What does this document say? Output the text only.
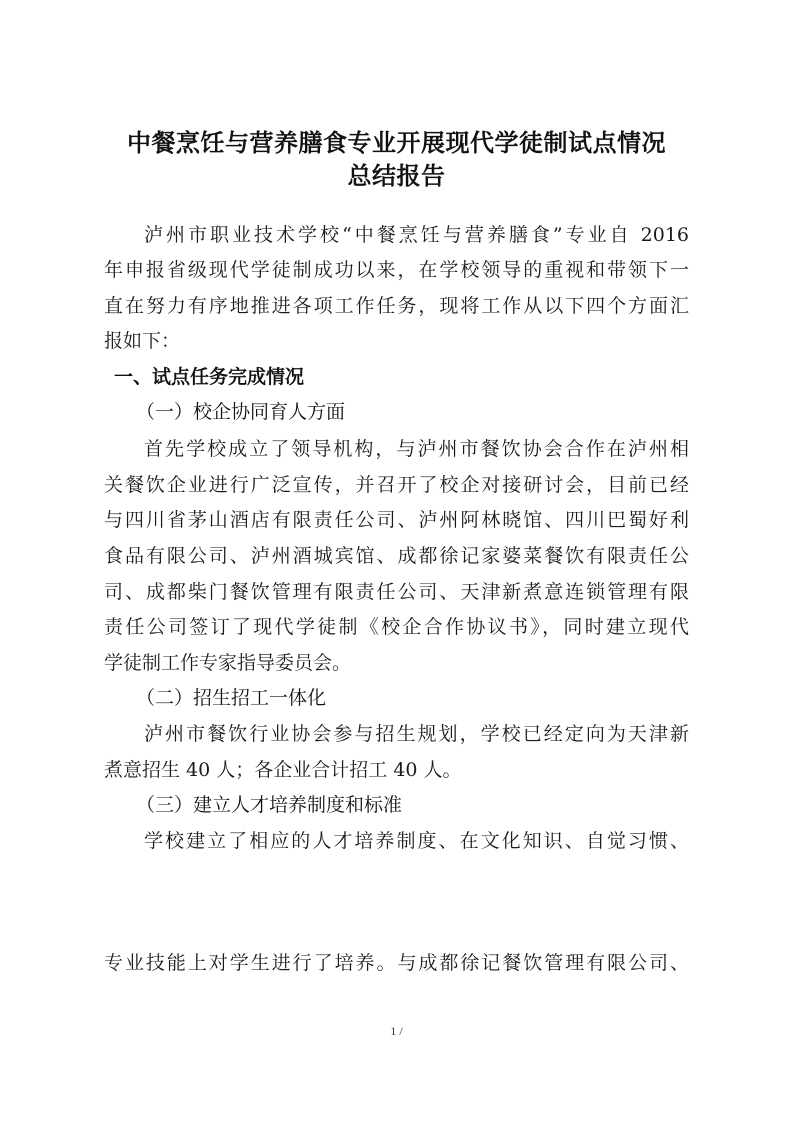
中餐烹饪与营养膳食专业开展现代学徒制试点情况
总结报告
泸州市职业技术学校“中餐烹饪与营养膳食”专业自 2016
年申报省级现代学徒制成功以来，在学校领导的重视和带领下一
直在努力有序地推进各项工作任务，现将工作从以下四个方面汇
报如下：
一、试点任务完成情况
（一）校企协同育人方面
首先学校成立了领导机构，与泸州市餐饮协会合作在泸州相
关餐饮企业进行广泛宣传，并召开了校企对接研讨会，目前已经
与四川省茅山酒店有限责任公司、泸州阿林晓馆、四川巴蜀好利
食品有限公司、泸州酒城宾馆、成都徐记家婆菜餐饮有限责任公
司、成都柴门餐饮管理有限责任公司、天津新煮意连锁管理有限
责任公司签订了现代学徒制《校企合作协议书》，同时建立现代
学徒制工作专家指导委员会。
（二）招生招工一体化
泸州市餐饮行业协会参与招生规划，学校已经定向为天津新
煮意招生 40 人；各企业合计招工 40 人。
（三）建立人才培养制度和标准
学校建立了相应的人才培养制度、在文化知识、自觉习惯、
专业技能上对学生进行了培养。与成都徐记餐饮管理有限公司、
1 /
